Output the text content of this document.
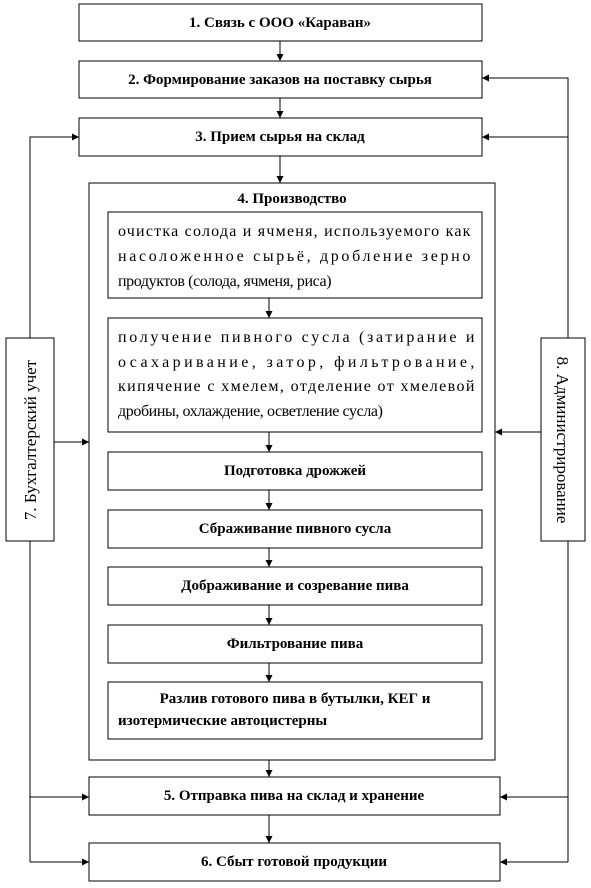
1. Связь с ООО «Караван»
2. Формирование заказов на поставку сырья
3. Прием сырья на склад
4. Производство
очистка солода и ячменя, используемого как
насоложенное сырьё, дробление зерно
продуктов (солода, ячменя, риса)
получение пивного сусла (затирание и
осахаривание, затор, фильтрование,
кипячение с хмелем, отделение от хмелевой
дробины, охлаждение, осветление сусла)
Подготовка дрожжей
Сбраживание пивного сусла
Дображивание и созревание пива
Фильтрование пива
Разлив готового пива в бутылки, КЕГ и
изотермические автоцистерны
5. Отправка пива на склад и хранение
6. Сбыт готовой продукции
7. Бухгалтерский учет	8. Администрирование
